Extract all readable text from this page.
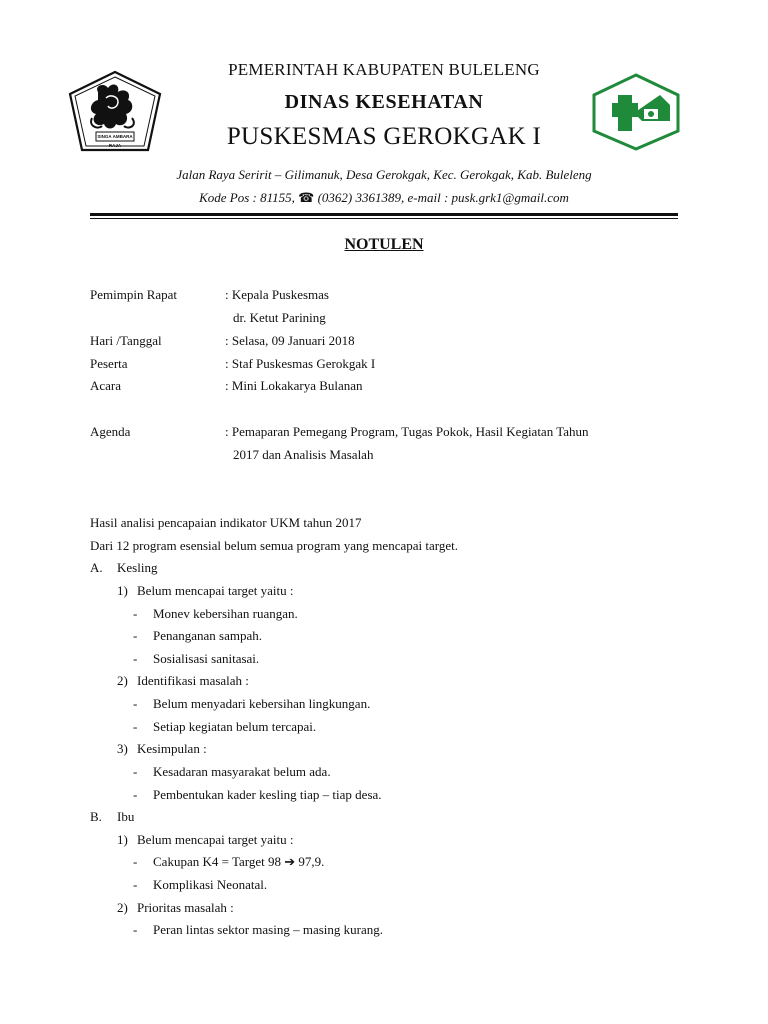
SINGA AMBARA RAJA
PEMERINTAH KABUPATEN BULELENG
DINAS KESEHATAN
PUSKESMAS GEROKGAK I
Jalan Raya Seririt – Gilimanuk, Desa Gerokgak, Kec. Gerokgak, Kab. Buleleng
Kode Pos : 81155, ☎ (0362) 3361389, e-mail : pusk.grk1@gmail.com
NOTULEN
Pemimpin Rapat	: Kepala Puskesmas
dr. Ketut Parining
Hari /Tanggal	: Selasa, 09 Januari 2018
Peserta	: Staf Puskesmas Gerokgak I
Acara	: Mini Lokakarya Bulanan
Agenda	: Pemaparan Pemegang Program, Tugas Pokok, Hasil Kegiatan Tahun
2017 dan Analisis Masalah
Hasil analisi pencapaian indikator UKM tahun 2017
Dari 12 program esensial belum semua program yang mencapai target.
A. Kesling
1) Belum mencapai target yaitu :
- Monev kebersihan ruangan.
- Penanganan sampah.
- Sosialisasi sanitasai.
2) Identifikasi masalah :
- Belum menyadari kebersihan lingkungan.
- Setiap kegiatan belum tercapai.
3) Kesimpulan :
- Kesadaran masyarakat belum ada.
- Pembentukan kader kesling tiap – tiap desa.
B. Ibu
1) Belum mencapai target yaitu :
- Cakupan K4 = Target 98 ➔ 97,9.
- Komplikasi Neonatal.
2) Prioritas masalah :
- Peran lintas sektor masing – masing kurang.
